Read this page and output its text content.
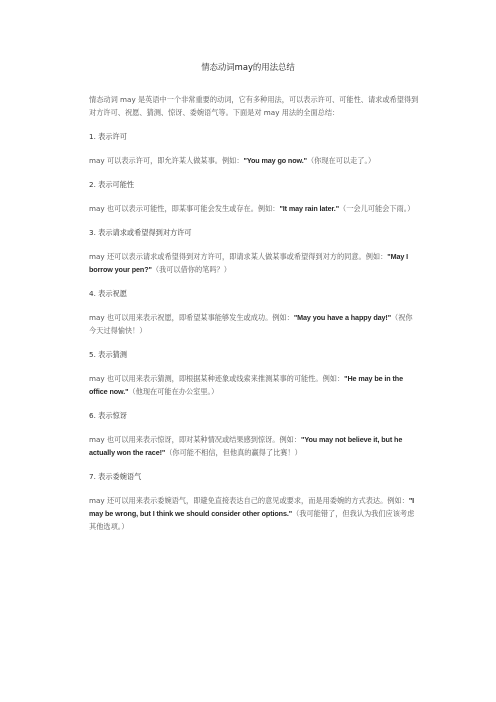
情态动词may的用法总结

情态动词 may 是英语中一个非常重要的动词，它有多种用法，可以表示许可、可能性、请求或希望得到对方许可、祝愿、猜测、惊讶、委婉语气等。下面是对 may 用法的全面总结：

1. 表示许可

may 可以表示许可，即允许某人做某事。例如："You may go now."（你现在可以走了。）

2. 表示可能性

may 也可以表示可能性，即某事可能会发生或存在。例如："It may rain later."（一会儿可能会下雨。）

3. 表示请求或希望得到对方许可

may 还可以表示请求或希望得到对方许可，即请求某人做某事或希望得到对方的同意。例如："May I borrow your pen?"（我可以借你的笔吗？）

4. 表示祝愿

may 也可以用来表示祝愿，即希望某事能够发生或成功。例如："May you have a happy day!"（祝你今天过得愉快！）

5. 表示猜测

may 也可以用来表示猜测，即根据某种迹象或线索来推测某事的可能性。例如："He may be in the office now."（他现在可能在办公室里。）

6. 表示惊讶

may 也可以用来表示惊讶，即对某种情况或结果感到惊讶。例如："You may not believe it, but he actually won the race!"（你可能不相信，但他真的赢得了比赛！）

7. 表示委婉语气

may 还可以用来表示委婉语气，即避免直接表达自己的意见或要求，而是用委婉的方式表达。例如："I may be wrong, but I think we should consider other options."（我可能错了，但我认为我们应该考虑其他选项。）
